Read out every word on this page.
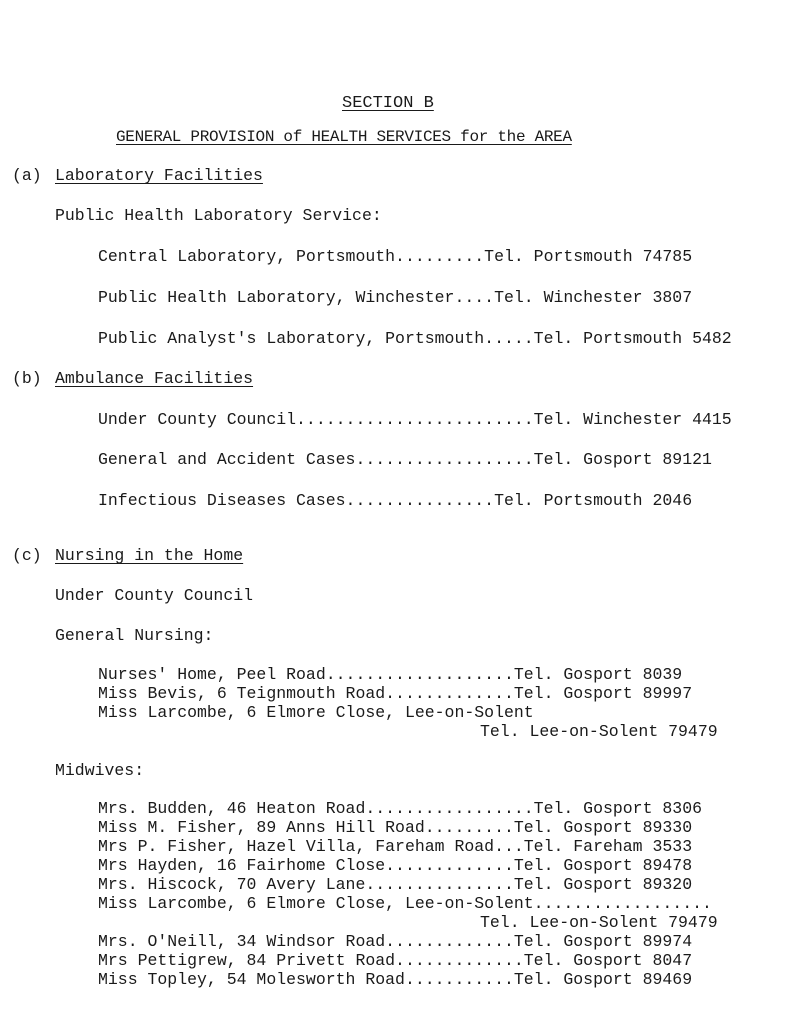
SECTION B
GENERAL PROVISION of HEALTH SERVICES for the AREA
(a) Laboratory Facilities
Public Health Laboratory Service:
Central Laboratory, Portsmouth.........Tel. Portsmouth 74785
Public Health Laboratory, Winchester....Tel. Winchester 3807
Public Analyst's Laboratory, Portsmouth.....Tel. Portsmouth 5482
(b) Ambulance Facilities
Under County Council........................Tel. Winchester 4415
General and Accident Cases..................Tel. Gosport 89121
Infectious Diseases Cases...............Tel. Portsmouth 2046
(c) Nursing in the Home
Under County Council
General Nursing:
Nurses' Home, Peel Road...................Tel. Gosport 8039
Miss Bevis, 6 Teignmouth Road.............Tel. Gosport 89997
Miss Larcombe, 6 Elmore Close, Lee-on-Solent
Tel. Lee-on-Solent 79479
Midwives:
Mrs. Budden, 46 Heaton Road.................Tel. Gosport 8306
Miss M. Fisher, 89 Anns Hill Road.........Tel. Gosport 89330
Mrs P. Fisher, Hazel Villa, Fareham Road...Tel. Fareham 3533
Mrs Hayden, 16 Fairhome Close.............Tel. Gosport 89478
Mrs. Hiscock, 70 Avery Lane...............Tel. Gosport 89320
Miss Larcombe, 6 Elmore Close, Lee-on-Solent..................
Tel. Lee-on-Solent 79479
Mrs. O'Neill, 34 Windsor Road.............Tel. Gosport 89974
Mrs Pettigrew, 84 Privett Road.............Tel. Gosport 8047
Miss Topley, 54 Molesworth Road...........Tel. Gosport 89469
